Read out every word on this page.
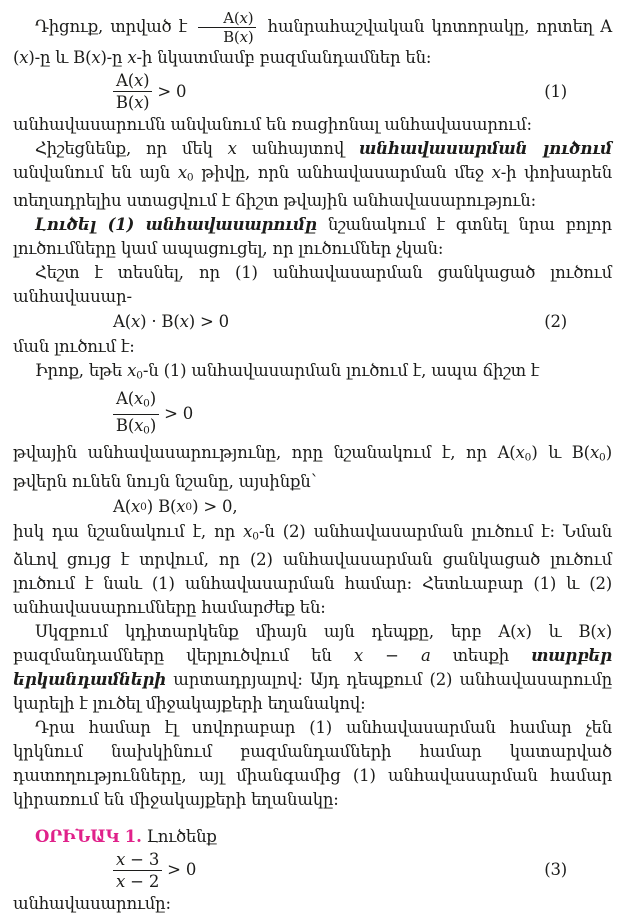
Դիցուք, տրված է $\frac{A(x)}{B(x)}$ հանրահաշվական կոտորակը, որտեղ A (x)-ը և B(x)-ը x-ի նկատմամբ բազմանդամներ են:

$\frac{A(x)}{B(x)} > 0$	(1)

անհավասարումն անվանում են ռացիոնալ անհավասարում:

Հիշեցնենք, որ մեկ x անհայտով անհավասարման լուծում անվանում են այն x0 թիվը, որն անհավասարման մեջ x-ի փոխարեն տեղադրելիս ստացվում է ճիշտ թվային անհավասարություն:

Լուծել (1) անհավասարումը նշանակում է գտնել նրա բոլոր լուծումները կամ ապացուցել, որ լուծումներ չկան:

Հեշտ է տեսնել, որ (1) անհավասարման ցանկացած լուծում անհավասար-

A( x ) · B( x ) > 0	(2)

ման լուծում է:

Իրոք, եթե x0-ն (1) անհավասարման լուծում է, ապա ճիշտ է

$\frac{A(x0)}{B(x0)} > 0$

թվային անհավասարությունը, որը նշանակում է, որ A(x0) և B(x0) թվերն ունեն նույն նշանը, այսինքն՝

A( x 0 ) B( x 0 ) > 0,

իսկ դա նշանակում է, որ x0-ն (2) անհավասարման լուծում է: Նման ձևով ցույց է տրվում, որ (2) անհավասարման ցանկացած լուծում լուծում է նաև (1) անհավասարման համար: Հետևաբար (1) և (2) անհավասարումները համարժեք են:

Սկզբում կդիտարկենք միայն այն դեպքը, երբ A(x) և B(x) բազմանդամները վերլուծվում են x − a տեսքի տարբեր երկանդամների արտադրյալով: Այդ դեպքում (2) անհավասարումը կարելի է լուծել միջակայքերի եղանակով:

Դրա համար էլ սովորաբար (1) անհավասարման համար չեն կրկնում նախկինում բազմանդամների համար կատարված դատողությունները, այլ միանգամից (1) անհավասարման համար կիրառում են միջակայքերի եղանակը:

ՕՐԻՆԱԿ 1. Լուծենք

$\frac{x - 3}{x - 2} > 0$	(3)

անհավասարումը:
